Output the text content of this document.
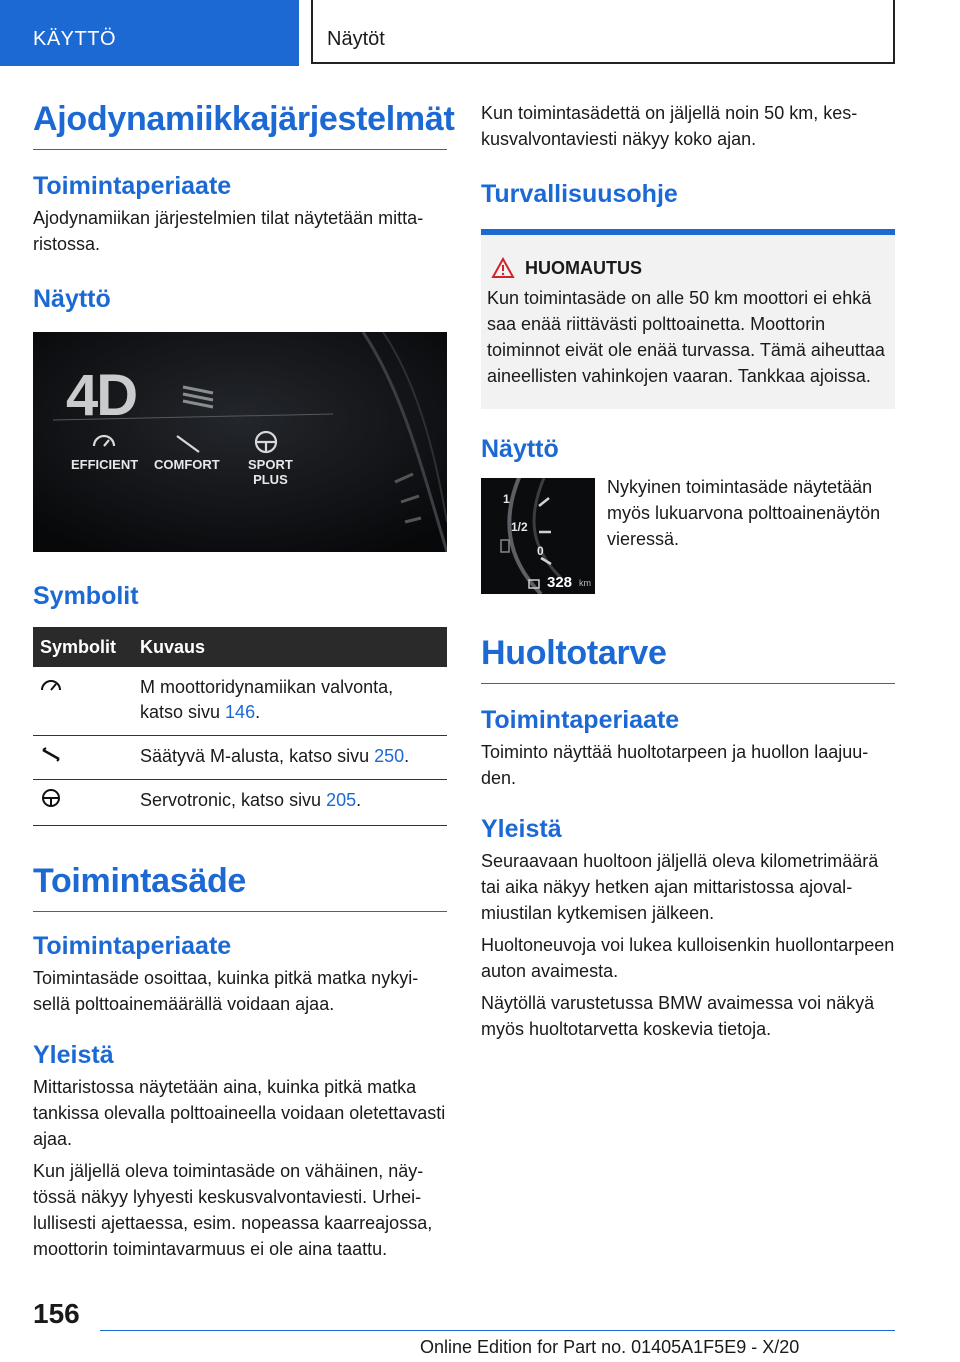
KÄYTTÖ	Näytöt
Ajodynamiikkajärjestelmät
Toimintaperiaate

Ajodynamiikan järjestelmien tilat näytetään mittaristossa.

Näyttö
4D
EFFICIENT COMFORT SPORT
PLUS
Symbolit
Symbolit	Kuvaus
	M moottoridynamiikan valvonta, katso sivu 146.
	Säätyvä M-alusta, katso sivu 250.
	Servotronic, katso sivu 205.
Toimintasäde
Toimintaperiaate

Toimintasäde osoittaa, kuinka pitkä matka nykyisellä polttoainemäärällä voidaan ajaa.

Yleistä

Mittaristossa näytetään aina, kuinka pitkä matka tankissa olevalla polttoaineella voidaan oletettavasti ajaa.

Kun jäljellä oleva toimintasäde on vähäinen, näytössä näkyy lyhyesti keskusvalvontaviesti. Urheilullisesti ajettaessa, esim. nopeassa kaarreajossa, moottorin toimintavarmuus ei ole aina taattu.

Kun toimintasädettä on jäljellä noin 50 km, keskusvalvontaviesti näkyy koko ajan.

Turvallisuusohje
HUOMAUTUS

Kun toimintasäde on alle 50 km moottori ei ehkä saa enää riittävästi polttoainetta. Moottorin toiminnot eivät ole enää turvassa. Tämä aiheuttaa aineellisten vahinkojen vaaran. Tankkaa ajoissa.

Näyttö
1
1/2
0
328 km

Nykyinen toimintasäde näytetään myös lukuarvona polttoainenäytön vieressä.

Huoltotarve
Toimintaperiaate

Toiminto näyttää huoltotarpeen ja huollon laajuuden.

Yleistä

Seuraavaan huoltoon jäljellä oleva kilometrimäärä tai aika näkyy hetken ajan mittaristossa ajovalmiustilan kytkemisen jälkeen.

Huoltoneuvoja voi lukea kulloisenkin huollontarpeen auton avaimesta.

Näytöllä varustetussa BMW avaimessa voi näkyä myös huoltotarvetta koskevia tietoja.

156
Online Edition for Part no. 01405A1F5E9 - X/20
